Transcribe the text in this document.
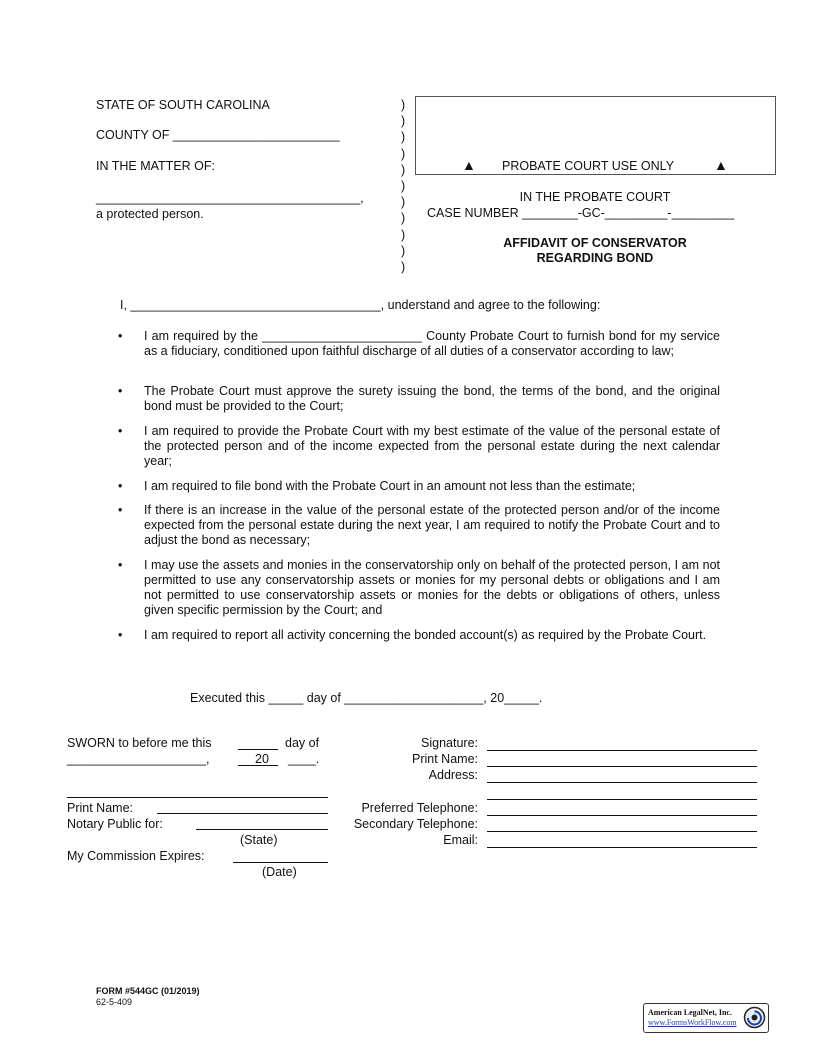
STATE OF SOUTH CAROLINA
COUNTY OF ________________________
IN THE MATTER OF:
______________________________________,
a protected person.
)
)
)
)
)
)
)
)
)
)
)
▲ PROBATE COURT USE ONLY	▲
IN THE PROBATE COURT
CASE NUMBER ________-GC-_________-_________
AFFIDAVIT OF CONSERVATOR
REGARDING BOND
I, ____________________________________, understand and agree to the following:
•	I am required by the _______________________ County Probate Court to furnish bond for my service as a fiduciary, conditioned upon faithful discharge of all duties of a conservator according to law;
•	The Probate Court must approve the surety issuing the bond, the terms of the bond, and the original bond must be provided to the Court;
•	I am required to provide the Probate Court with my best estimate of the value of the personal estate of the protected person and of the income expected from the personal estate during the next calendar year;
•	I am required to file bond with the Probate Court in an amount not less than the estimate;
•	If there is an increase in the value of the personal estate of the protected person and/or of the income expected from the personal estate during the next year, I am required to notify the Probate Court and to adjust the bond as necessary;
•	I may use the assets and monies in the conservatorship only on behalf of the protected person, I am not permitted to use any conservatorship assets or monies for my personal debts or obligations and I am not permitted to use conservatorship assets or monies for the debts or obligations of others, unless given specific permission by the Court; and
•	I am required to report all activity concerning the bonded account(s) as required by the Probate Court.
Executed this _____ day of ____________________, 20_____.
SWORN to before me this	day of
____________________,	20 ____.
Print Name:
Notary Public for:
(State)
My Commission Expires:
(Date)
Signature:
Print Name:
Address:
Preferred Telephone:
Secondary Telephone:
Email:
FORM #544GC (01/2019)
62-5-409
American LegalNet, Inc.
www.FormsWorkFlow.com
